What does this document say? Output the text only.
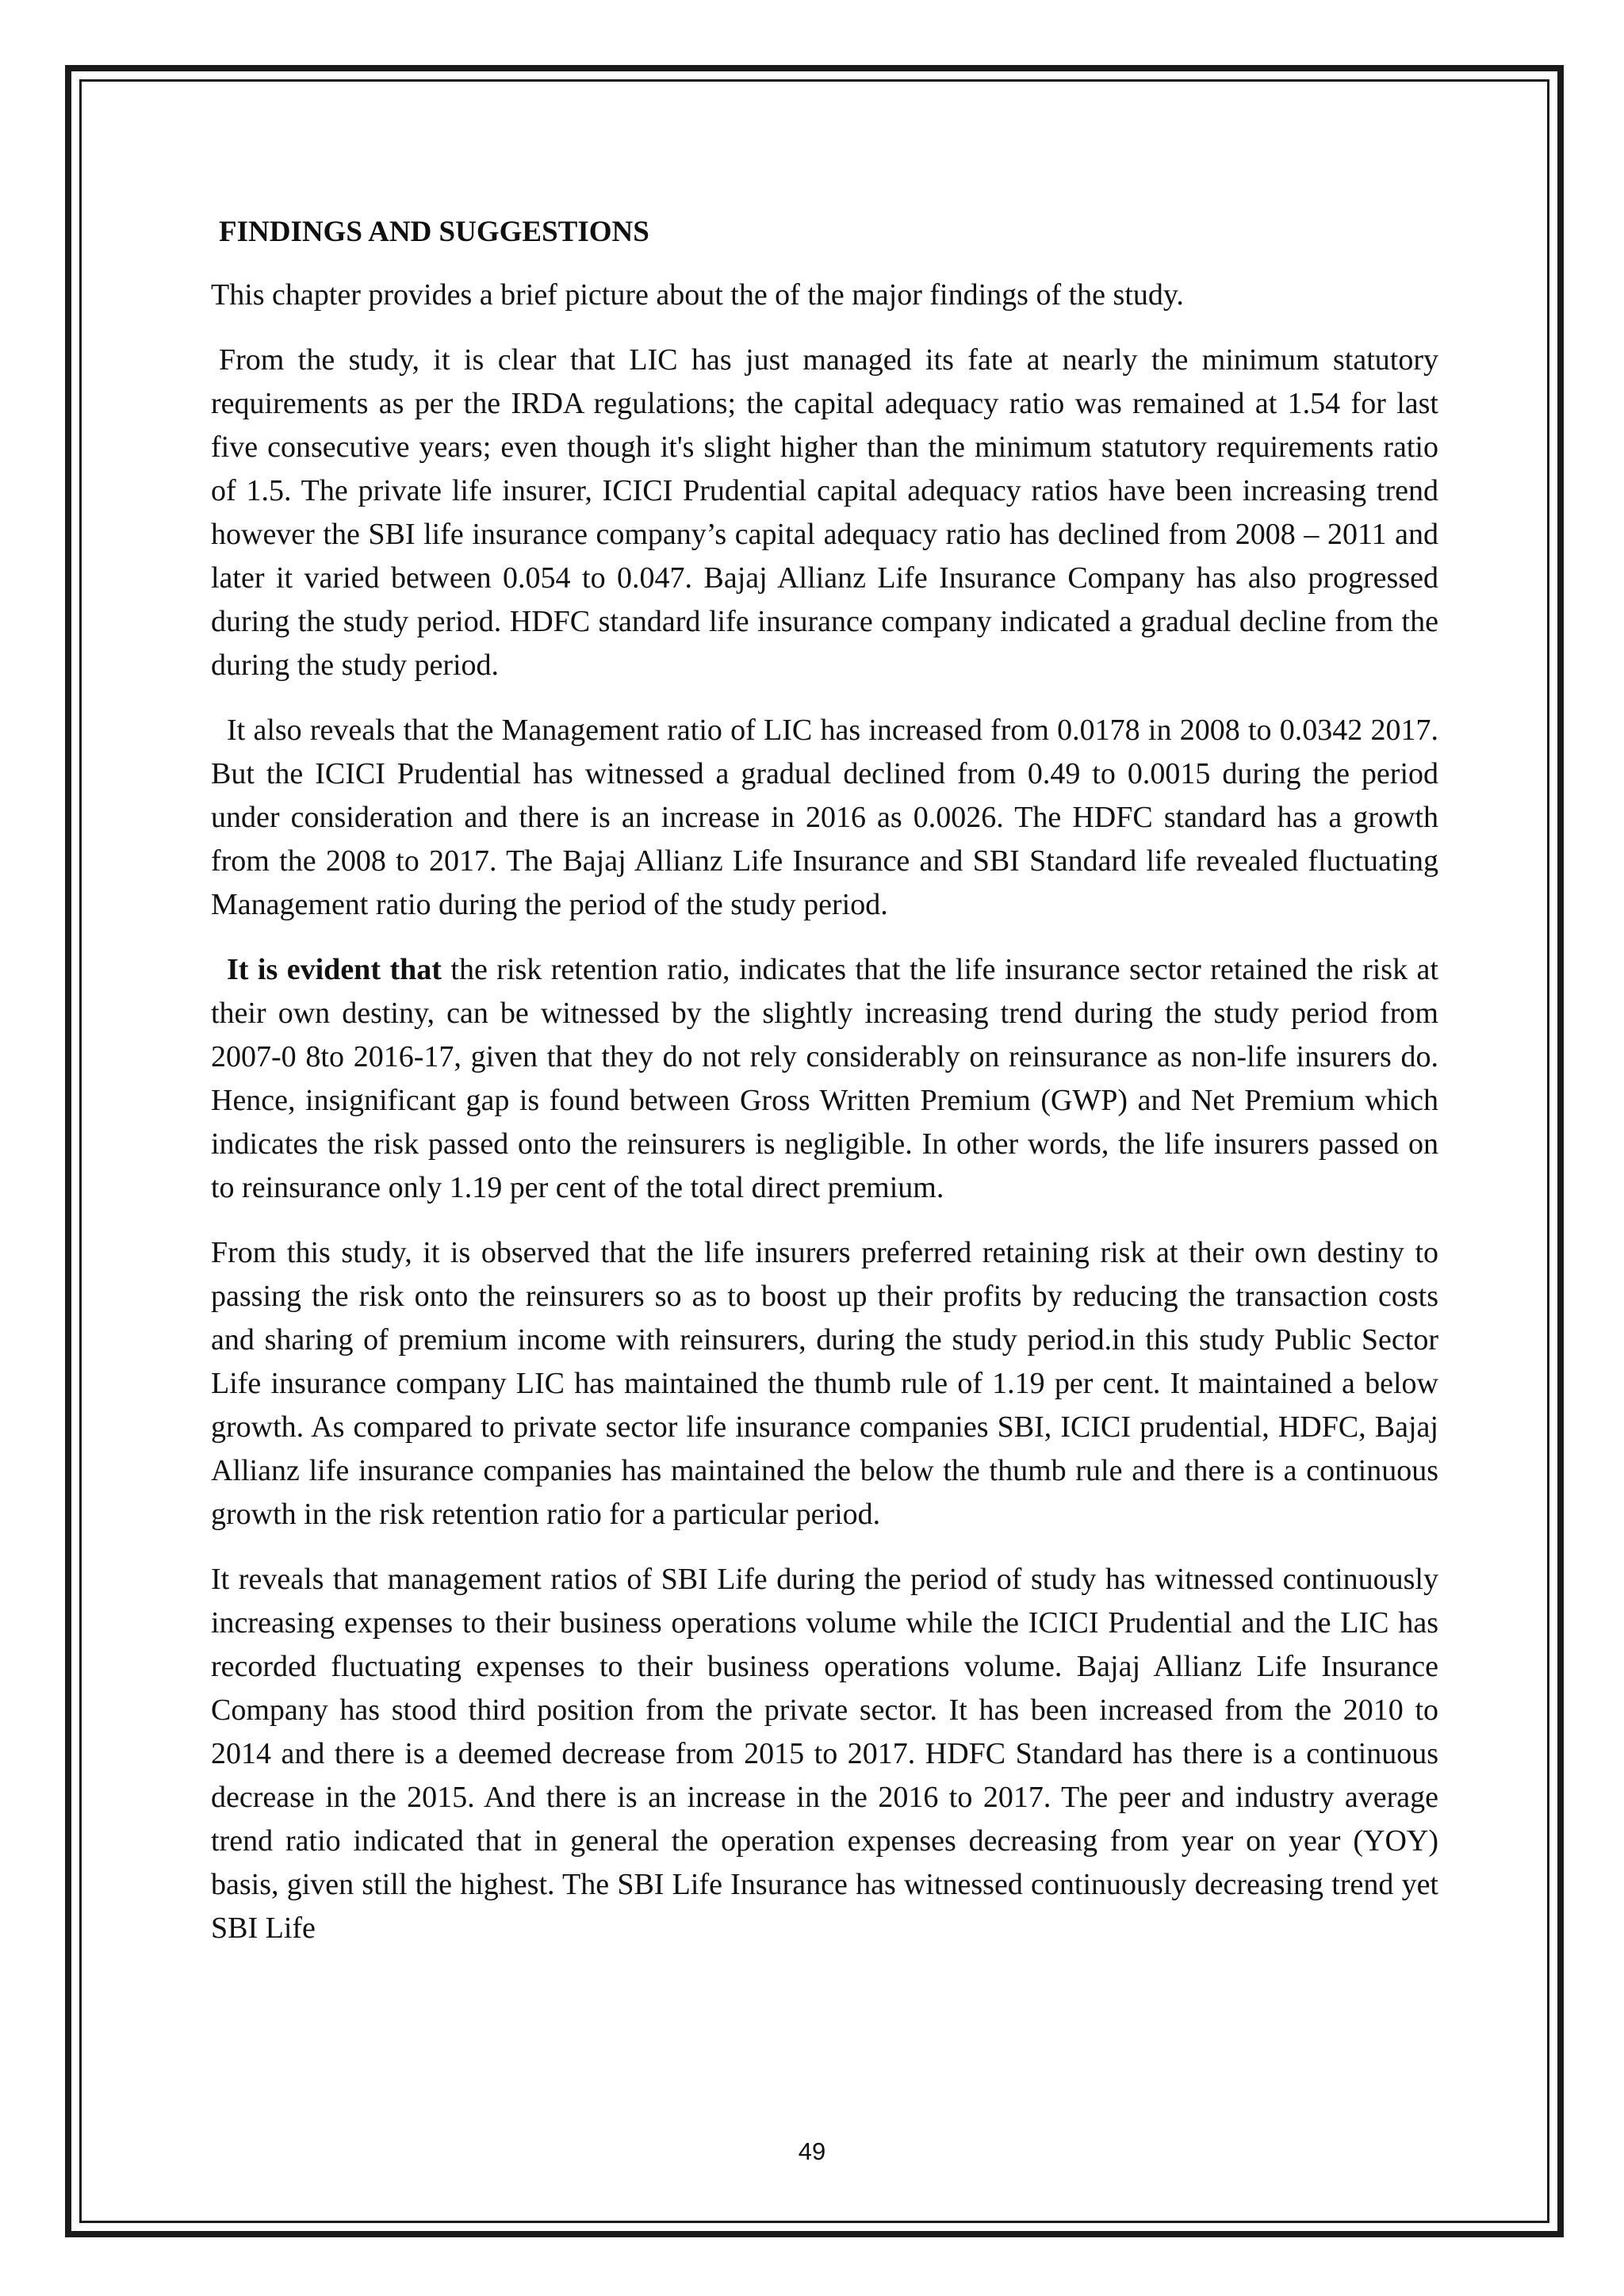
FINDINGS AND SUGGESTIONS

This chapter provides a brief picture about the of the major findings of the study.

From the study, it is clear that LIC has just managed its fate at nearly the minimum statutory requirements as per the IRDA regulations; the capital adequacy ratio was remained at 1.54 for last five consecutive years; even though it's slight higher than the minimum statutory requirements ratio of 1.5. The private life insurer, ICICI Prudential capital adequacy ratios have been increasing trend however the SBI life insurance company’s capital adequacy ratio has declined from 2008 – 2011 and later it varied between 0.054 to 0.047. Bajaj Allianz Life Insurance Company has also progressed during the study period. HDFC standard life insurance company indicated a gradual decline from the during the study period.

It also reveals that the Management ratio of LIC has increased from 0.0178 in 2008 to 0.0342 2017. But the ICICI Prudential has witnessed a gradual declined from 0.49 to 0.0015 during the period under consideration and there is an increase in 2016 as 0.0026. The HDFC standard has a growth from the 2008 to 2017. The Bajaj Allianz Life Insurance and SBI Standard life revealed fluctuating Management ratio during the period of the study period.

It is evident that the risk retention ratio, indicates that the life insurance sector retained the risk at their own destiny, can be witnessed by the slightly increasing trend during the study period from 2007-0 8to 2016-17, given that they do not rely considerably on reinsurance as non-life insurers do. Hence, insignificant gap is found between Gross Written Premium (GWP) and Net Premium which indicates the risk passed onto the reinsurers is negligible. In other words, the life insurers passed on to reinsurance only 1.19 per cent of the total direct premium.

From this study, it is observed that the life insurers preferred retaining risk at their own destiny to passing the risk onto the reinsurers so as to boost up their profits by reducing the transaction costs and sharing of premium income with reinsurers, during the study period.in this study Public Sector Life insurance company LIC has maintained the thumb rule of 1.19 per cent. It maintained a below growth. As compared to private sector life insurance companies SBI, ICICI prudential, HDFC, Bajaj Allianz life insurance companies has maintained the below the thumb rule and there is a continuous growth in the risk retention ratio for a particular period.

It reveals that management ratios of SBI Life during the period of study has witnessed continuously increasing expenses to their business operations volume while the ICICI Prudential and the LIC has recorded fluctuating expenses to their business operations volume. Bajaj Allianz Life Insurance Company has stood third position from the private sector. It has been increased from the 2010 to 2014 and there is a deemed decrease from 2015 to 2017. HDFC Standard has there is a continuous decrease in the 2015. And there is an increase in the 2016 to 2017. The peer and industry average trend ratio indicated that in general the operation expenses decreasing from year on year (YOY) basis, given still the highest. The SBI Life Insurance has witnessed continuously decreasing trend yet SBI Life

49
